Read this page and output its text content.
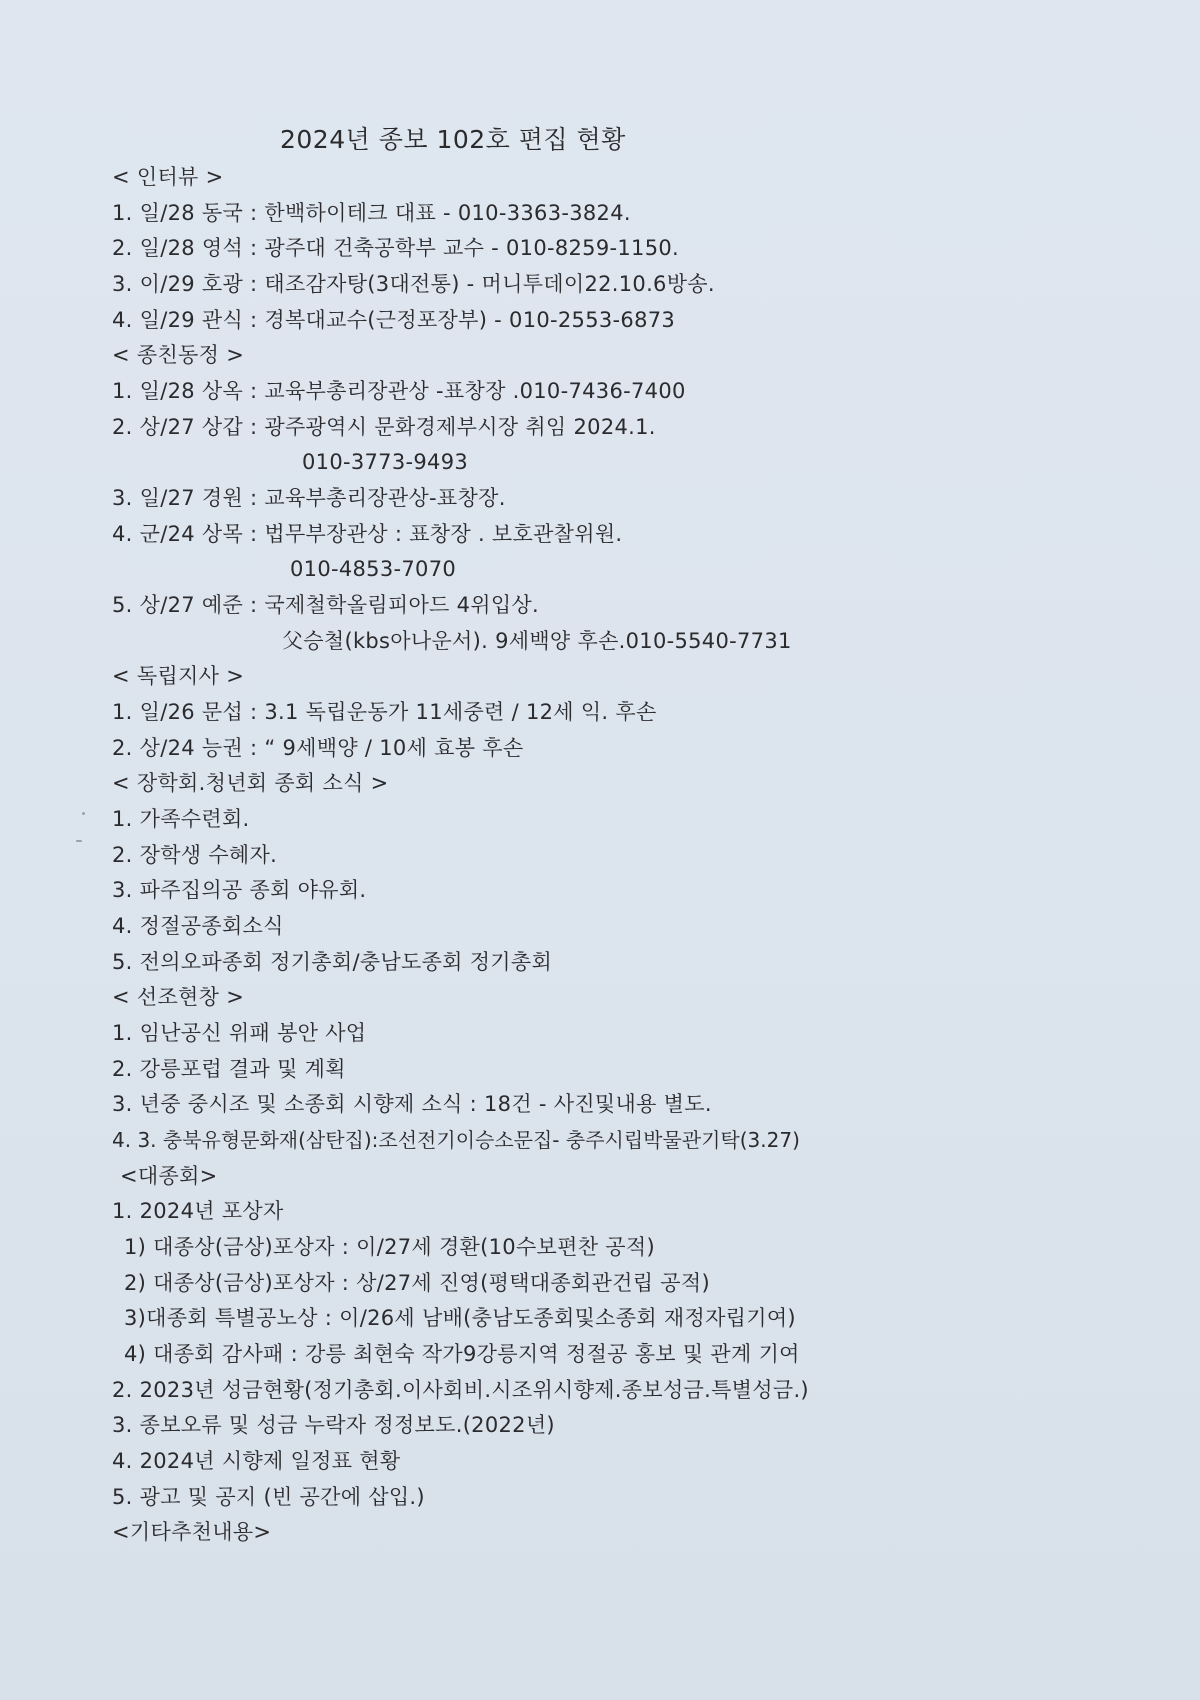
2024년 종보 102호 편집 현황
< 인터뷰 >
1. 일/28 동국 : 한백하이테크 대표 - 010-3363-3824.
2. 일/28 영석 : 광주대 건축공학부 교수 - 010-8259-1150.
3. 이/29 호광 : 태조감자탕(3대전통) - 머니투데이22.10.6방송.
4. 일/29 관식 : 경복대교수(근정포장부) - 010-2553-6873
< 종친동정 >
1. 일/28 상옥 : 교육부총리장관상 -표창장 .010-7436-7400
2. 상/27 상갑 : 광주광역시 문화경제부시장 취임 2024.1.
010-3773-9493
3. 일/27 경원 : 교육부총리장관상-표창장.
4. 군/24 상목 : 법무부장관상 : 표창장 . 보호관찰위원.
010-4853-7070
5. 상/27 예준 : 국제철학올림피아드 4위입상.
父승철(kbs아나운서). 9세백양 후손.010-5540-7731
< 독립지사 >
1. 일/26 문섭 : 3.1 독립운동가 11세중련 / 12세 익. 후손
2. 상/24 능권 : “ 9세백양 / 10세 효봉 후손
< 장학회.청년회 종회 소식 >
1. 가족수련회.
2. 장학생 수혜자.
3. 파주집의공 종회 야유회.
4. 정절공종회소식
5. 전의오파종회 정기총회/충남도종회 정기총회
< 선조현창 >
1. 임난공신 위패 봉안 사업
2. 강릉포럽 결과 및 계획
3. 년중 중시조 및 소종회 시향제 소식 : 18건 - 사진및내용 별도.
4. 3. 충북유형문화재(삼탄집):조선전기이승소문집- 충주시립박물관기탁(3.27)
<대종회>
1. 2024년 포상자
1) 대종상(금상)포상자 : 이/27세 경환(10수보편찬 공적)
2) 대종상(금상)포상자 : 상/27세 진영(평택대종회관건립 공적)
3)대종회 특별공노상 : 이/26세 남배(충남도종회및소종회 재정자립기여)
4) 대종회 감사패 : 강릉 최현숙 작가9강릉지역 정절공 홍보 및 관계 기여
2. 2023년 성금현황(정기총회.이사회비.시조위시향제.종보성금.특별성금.)
3. 종보오류 및 성금 누락자 정정보도.(2022년)
4. 2024년 시향제 일정표 현황
5. 광고 및 공지 (빈 공간에 삽입.)
<기타추천내용>
